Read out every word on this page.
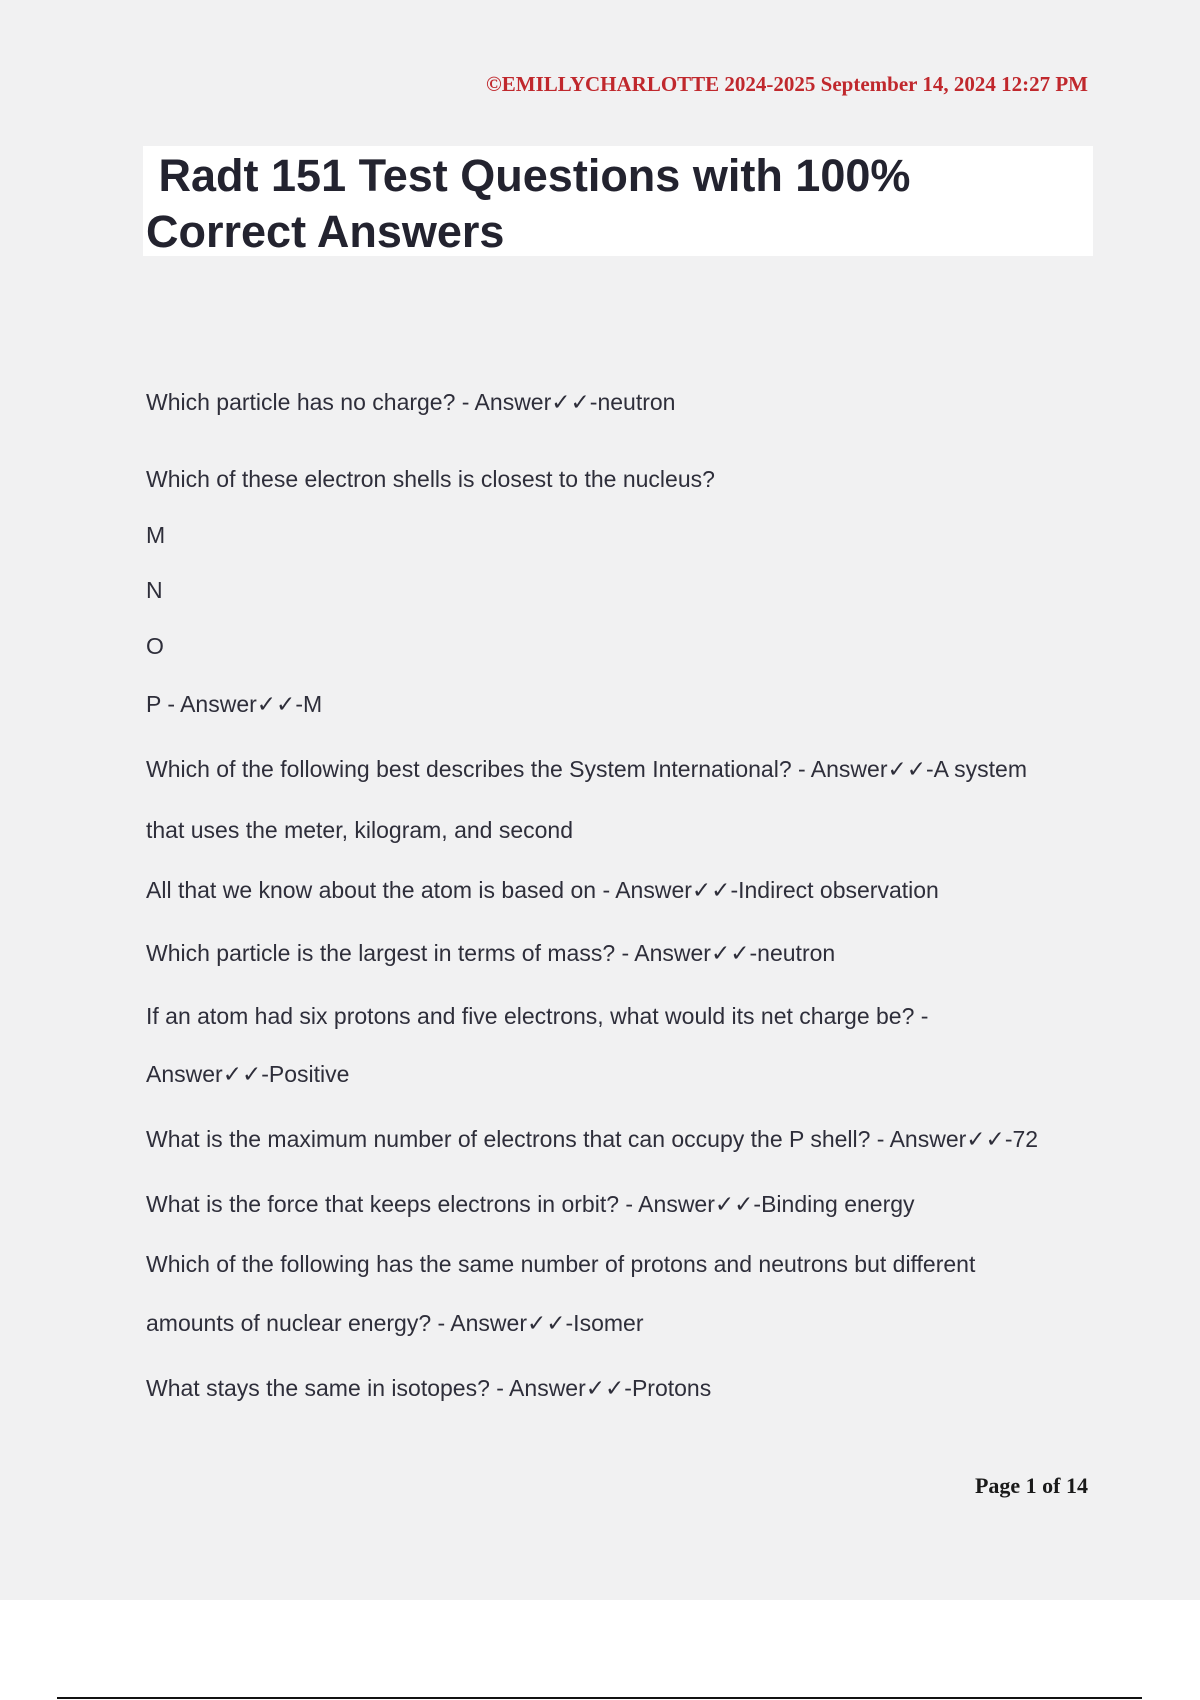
©EMILLYCHARLOTTE 2024-2025 September 14, 2024 12:27 PM
Radt 151 Test Questions with 100%
Correct Answers

Which particle has no charge? - Answer✓✓-neutron

Which of these electron shells is closest to the nucleus?

M

N

O

P - Answer✓✓-M

Which of the following best describes the System International? - Answer✓✓-A system

that uses the meter, kilogram, and second

All that we know about the atom is based on - Answer✓✓-Indirect observation

Which particle is the largest in terms of mass? - Answer✓✓-neutron

If an atom had six protons and five electrons, what would its net charge be? -

Answer✓✓-Positive

What is the maximum number of electrons that can occupy the P shell? - Answer✓✓-72

What is the force that keeps electrons in orbit? - Answer✓✓-Binding energy

Which of the following has the same number of protons and neutrons but different

amounts of nuclear energy? - Answer✓✓-Isomer

What stays the same in isotopes? - Answer✓✓-Protons

Page 1 of 14
